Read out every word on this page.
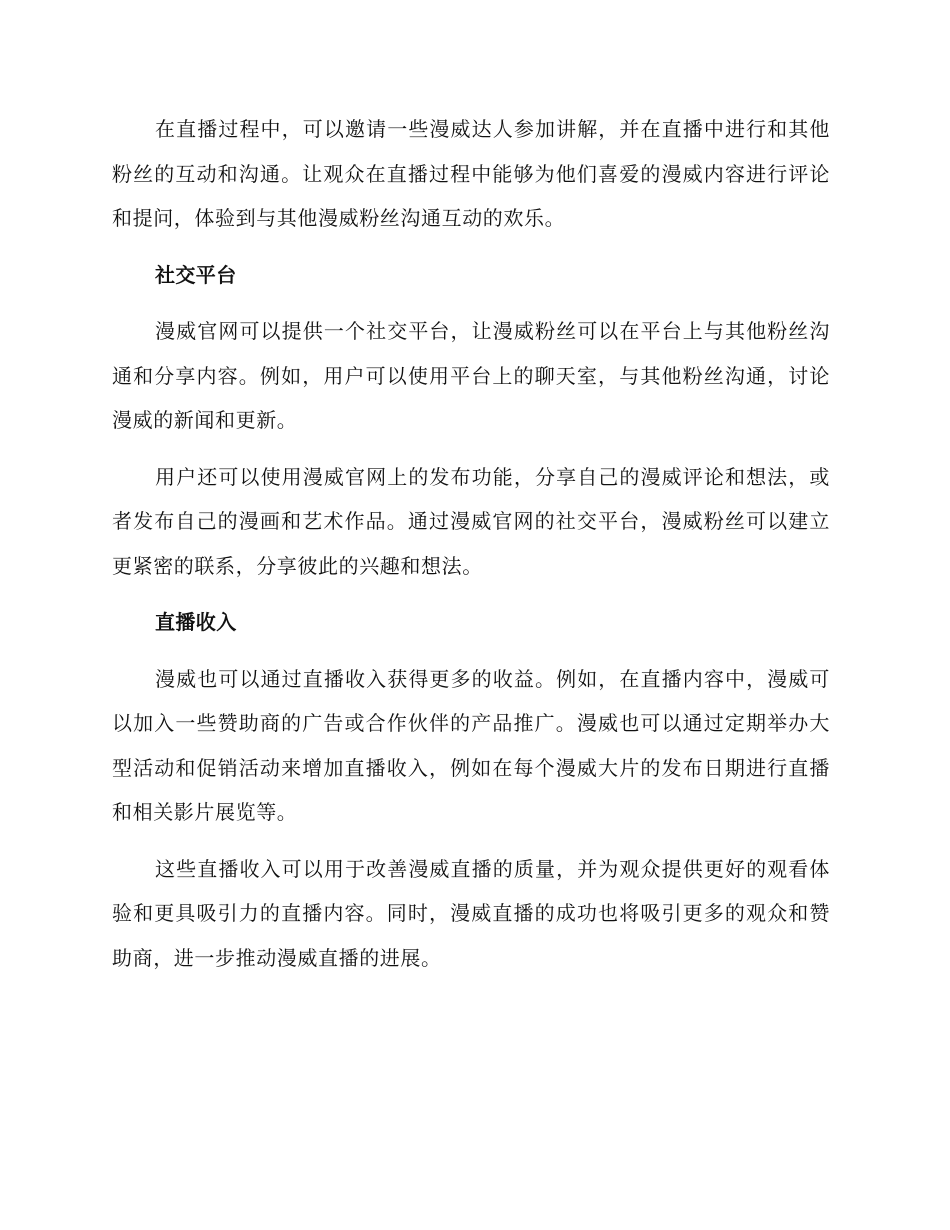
在直播过程中，可以邀请一些漫威达人参加讲解，并在直播中进行和其他粉丝的互动和沟通。让观众在直播过程中能够为他们喜爱的漫威内容进行评论和提问，体验到与其他漫威粉丝沟通互动的欢乐。

社交平台

漫威官网可以提供一个社交平台，让漫威粉丝可以在平台上与其他粉丝沟通和分享内容。例如，用户可以使用平台上的聊天室，与其他粉丝沟通，讨论漫威的新闻和更新。

用户还可以使用漫威官网上的发布功能，分享自己的漫威评论和想法，或者发布自己的漫画和艺术作品。通过漫威官网的社交平台，漫威粉丝可以建立更紧密的联系，分享彼此的兴趣和想法。

直播收入

漫威也可以通过直播收入获得更多的收益。例如，在直播内容中，漫威可以加入一些赞助商的广告或合作伙伴的产品推广。漫威也可以通过定期举办大型活动和促销活动来增加直播收入，例如在每个漫威大片的发布日期进行直播和相关影片展览等。

这些直播收入可以用于改善漫威直播的质量，并为观众提供更好的观看体验和更具吸引力的直播内容。同时，漫威直播的成功也将吸引更多的观众和赞助商，进一步推动漫威直播的进展。
